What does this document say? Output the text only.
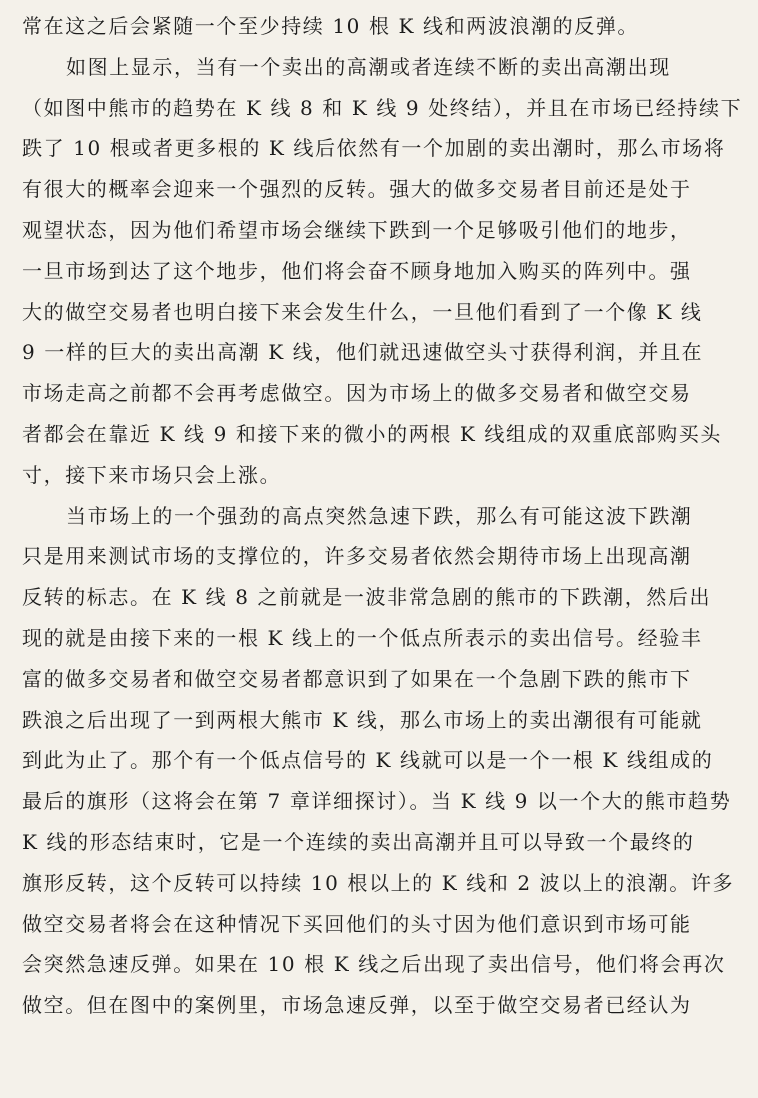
常在这之后会紧随一个至少持续 10 根 K 线和两波浪潮的反弹。
如图上显示，当有一个卖出的高潮或者连续不断的卖出高潮出现
（如图中熊市的趋势在 K 线 8 和 K 线 9 处终结），并且在市场已经持续下
跌了 10 根或者更多根的 K 线后依然有一个加剧的卖出潮时，那么市场将
有很大的概率会迎来一个强烈的反转。强大的做多交易者目前还是处于
观望状态，因为他们希望市场会继续下跌到一个足够吸引他们的地步，
一旦市场到达了这个地步，他们将会奋不顾身地加入购买的阵列中。强
大的做空交易者也明白接下来会发生什么，一旦他们看到了一个像 K 线
9 一样的巨大的卖出高潮 K 线，他们就迅速做空头寸获得利润，并且在
市场走高之前都不会再考虑做空。因为市场上的做多交易者和做空交易
者都会在靠近 K 线 9 和接下来的微小的两根 K 线组成的双重底部购买头
寸，接下来市场只会上涨。
当市场上的一个强劲的高点突然急速下跌，那么有可能这波下跌潮
只是用来测试市场的支撑位的，许多交易者依然会期待市场上出现高潮
反转的标志。在 K 线 8 之前就是一波非常急剧的熊市的下跌潮，然后出
现的就是由接下来的一根 K 线上的一个低点所表示的卖出信号。经验丰
富的做多交易者和做空交易者都意识到了如果在一个急剧下跌的熊市下
跌浪之后出现了一到两根大熊市 K 线，那么市场上的卖出潮很有可能就
到此为止了。那个有一个低点信号的 K 线就可以是一个一根 K 线组成的
最后的旗形（这将会在第 7 章详细探讨）。当 K 线 9 以一个大的熊市趋势
K 线的形态结束时，它是一个连续的卖出高潮并且可以导致一个最终的
旗形反转，这个反转可以持续 10 根以上的 K 线和 2 波以上的浪潮。许多
做空交易者将会在这种情况下买回他们的头寸因为他们意识到市场可能
会突然急速反弹。如果在 10 根 K 线之后出现了卖出信号，他们将会再次
做空。但在图中的案例里，市场急速反弹，以至于做空交易者已经认为
